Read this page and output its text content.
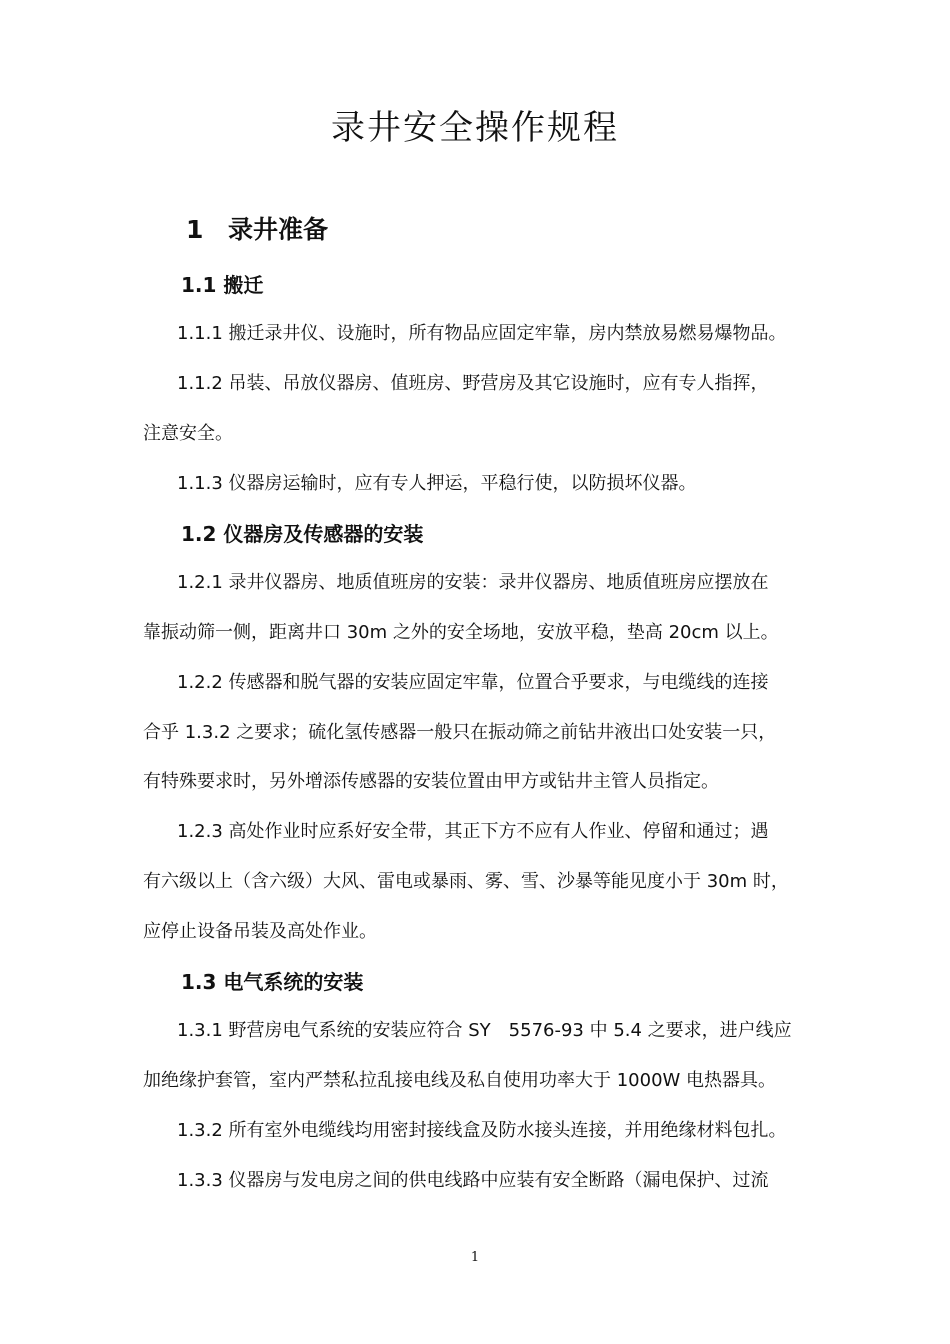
录井安全操作规程
1 录井准备
1.1 搬迁
1.1.1 搬迁录井仪、设施时，所有物品应固定牢靠，房内禁放易燃易爆物品。
1.1.2 吊装、吊放仪器房、值班房、野营房及其它设施时，应有专人指挥，
注意安全。
1.1.3 仪器房运输时，应有专人押运，平稳行使，以防损坏仪器。
1.2 仪器房及传感器的安装
1.2.1 录井仪器房、地质值班房的安装：录井仪器房、地质值班房应摆放在
靠振动筛一侧，距离井口 30m 之外的安全场地，安放平稳，垫高 20cm 以上。
1.2.2 传感器和脱气器的安装应固定牢靠，位置合乎要求，与电缆线的连接
合乎 1.3.2 之要求；硫化氢传感器一般只在振动筛之前钻井液出口处安装一只，
有特殊要求时，另外增添传感器的安装位置由甲方或钻井主管人员指定。
1.2.3 高处作业时应系好安全带，其正下方不应有人作业、停留和通过；遇
有六级以上（含六级）大风、雷电或暴雨、雾、雪、沙暴等能见度小于 30m 时，
应停止设备吊装及高处作业。
1.3 电气系统的安装
1.3.1 野营房电气系统的安装应符合 SY　5576-93 中 5.4 之要求，进户线应
加绝缘护套管，室内严禁私拉乱接电线及私自使用功率大于 1000W 电热器具。
1.3.2 所有室外电缆线均用密封接线盒及防水接头连接，并用绝缘材料包扎。
1.3.3 仪器房与发电房之间的供电线路中应装有安全断路（漏电保护、过流
1
